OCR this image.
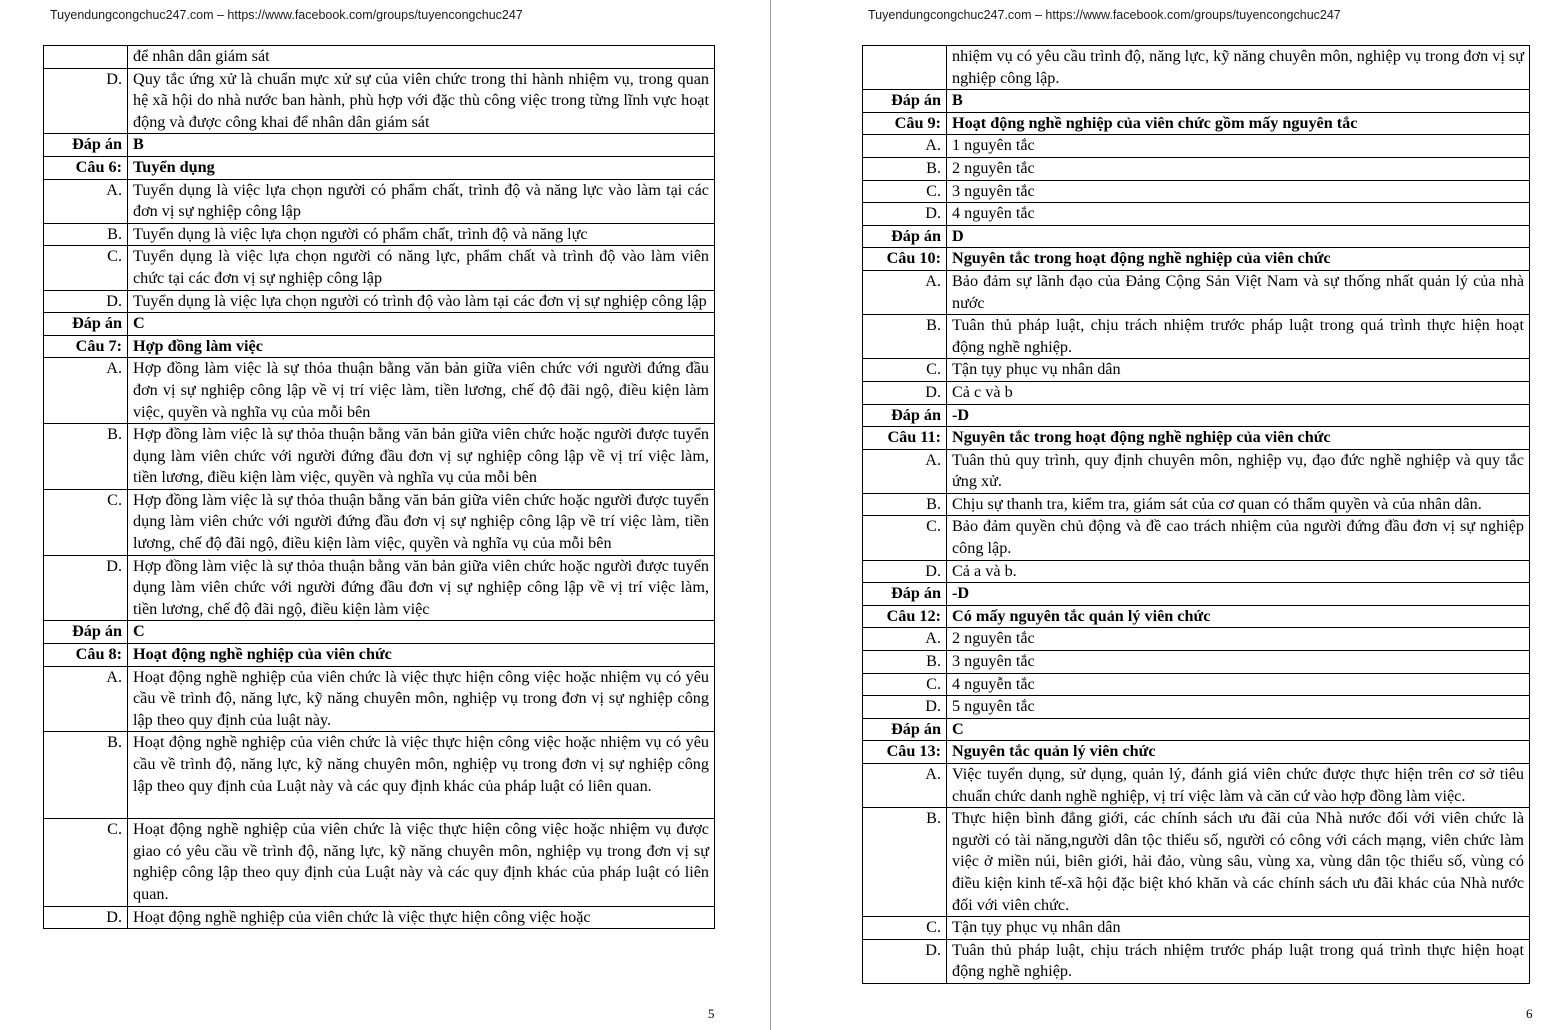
Tuyendungcongchuc247.com – https://www.facebook.com/groups/tuyencongchuc247
	để nhân dân giám sát
D.	Quy tắc ứng xử là chuẩn mực xử sự của viên chức trong thi hành nhiệm vụ, trong quan hệ xã hội do nhà nước ban hành, phù hợp với đặc thù công việc trong từng lĩnh vực hoạt động và được công khai để nhân dân giám sát
Đáp án	B
Câu 6:	Tuyển dụng
A.	Tuyển dụng là việc lựa chọn người có phẩm chất, trình độ và năng lực vào làm tại các đơn vị sự nghiệp công lập
B.	Tuyển dụng là việc lựa chọn người có phẩm chất, trình độ và năng lực
C.	Tuyển dụng là việc lựa chọn người có năng lực, phẩm chất và trình độ vào làm viên chức tại các đơn vị sự nghiệp công lập
D.	Tuyển dụng là việc lựa chọn người có trình độ vào làm tại các đơn vị sự nghiệp công lập
Đáp án	C
Câu 7:	Hợp đồng làm việc
A.	Hợp đồng làm việc là sự thỏa thuận bằng văn bản giữa viên chức với người đứng đầu đơn vị sự nghiệp công lập về vị trí việc làm, tiền lương, chế độ đãi ngộ, điều kiện làm việc, quyền và nghĩa vụ của mỗi bên
B.	Hợp đồng làm việc là sự thỏa thuận bằng văn bản giữa viên chức hoặc người được tuyển dụng làm viên chức với người đứng đầu đơn vị sự nghiệp công lập về vị trí việc làm, tiền lương, điều kiện làm việc, quyền và nghĩa vụ của mỗi bên
C.	Hợp đồng làm việc là sự thỏa thuận bằng văn bản giữa viên chức hoặc người được tuyển dụng làm viên chức với người đứng đầu đơn vị sự nghiệp công lập về trí việc làm, tiền lương, chế độ đãi ngộ, điều kiện làm việc, quyền và nghĩa vụ của mỗi bên
D.	Hợp đồng làm việc là sự thỏa thuận bằng văn bản giữa viên chức hoặc người được tuyển dụng làm viên chức với người đứng đầu đơn vị sự nghiệp công lập về vị trí việc làm, tiền lương, chế độ đãi ngộ, điều kiện làm việc
Đáp án	C
Câu 8:	Hoạt động nghề nghiệp của viên chức
A.	Hoạt động nghề nghiệp của viên chức là việc thực hiện công việc hoặc nhiệm vụ có yêu cầu về trình độ, năng lực, kỹ năng chuyên môn, nghiệp vụ trong đơn vị sự nghiệp công lập theo quy định của luật này.
B.	Hoạt động nghề nghiệp của viên chức là việc thực hiện công việc hoặc nhiệm vụ có yêu cầu về trình độ, năng lực, kỹ năng chuyên môn, nghiệp vụ trong đơn vị sự nghiệp công lập theo quy định của Luật này và các quy định khác của pháp luật có liên quan.
C.	Hoạt động nghề nghiệp của viên chức là việc thực hiện công việc hoặc nhiệm vụ được giao có yêu cầu về trình độ, năng lực, kỹ năng chuyên môn, nghiệp vụ trong đơn vị sự nghiệp công lập theo quy định của Luật này và các quy định khác của pháp luật có liên quan.
D.	Hoạt động nghề nghiệp của viên chức là việc thực hiện công việc hoặc
5
Tuyendungcongchuc247.com – https://www.facebook.com/groups/tuyencongchuc247
	nhiệm vụ có yêu cầu trình độ, năng lực, kỹ năng chuyên môn, nghiệp vụ trong đơn vị sự nghiệp công lập.
Đáp án	B
Câu 9:	Hoạt động nghề nghiệp của viên chức gồm mấy nguyên tắc
A.	1 nguyên tắc
B.	2 nguyên tắc
C.	3 nguyên tắc
D.	4 nguyên tắc
Đáp án	D
Câu 10:	Nguyên tắc trong hoạt động nghề nghiệp của viên chức
A.	Bảo đảm sự lãnh đạo của Đảng Cộng Sản Việt Nam và sự thống nhất quản lý của nhà nước
B.	Tuân thủ pháp luật, chịu trách nhiệm trước pháp luật trong quá trình thực hiện hoạt động nghề nghiệp.
C.	Tận tụy phục vụ nhân dân
D.	Cả c và b
Đáp án	-D
Câu 11:	Nguyên tắc trong hoạt động nghề nghiệp của viên chức
A.	Tuân thủ quy trình, quy định chuyên môn, nghiệp vụ, đạo đức nghề nghiệp và quy tắc ứng xử.
B.	Chịu sự thanh tra, kiểm tra, giám sát của cơ quan có thẩm quyền và của nhân dân.
C.	Bảo đảm quyền chủ động và đề cao trách nhiệm của người đứng đầu đơn vị sự nghiệp công lập.
D.	Cả a và b.
Đáp án	-D
Câu 12:	Có mấy nguyên tắc quản lý viên chức
A.	2 nguyên tắc
B.	3 nguyên tắc
C.	4 nguyễn tắc
D.	5 nguyên tắc
Đáp án	C
Câu 13:	Nguyên tắc quản lý viên chức
A.	Việc tuyển dụng, sử dụng, quản lý, đánh giá viên chức được thực hiện trên cơ sở tiêu chuẩn chức danh nghề nghiệp, vị trí việc làm và căn cứ vào hợp đồng làm việc.
B.	Thực hiện bình đẳng giới, các chính sách ưu đãi của Nhà nước đối với viên chức là người có tài năng,người dân tộc thiểu số, người có công với cách mạng, viên chức làm việc ở miền núi, biên giới, hải đảo, vùng sâu, vùng xa, vùng dân tộc thiểu số, vùng có điều kiện kinh tế-xã hội đặc biệt khó khăn và các chính sách ưu đãi khác của Nhà nước đối với viên chức.
C.	Tận tụy phục vụ nhân dân
D.	Tuân thủ pháp luật, chịu trách nhiệm trước pháp luật trong quá trình thực hiện hoạt động nghề nghiệp.
6
